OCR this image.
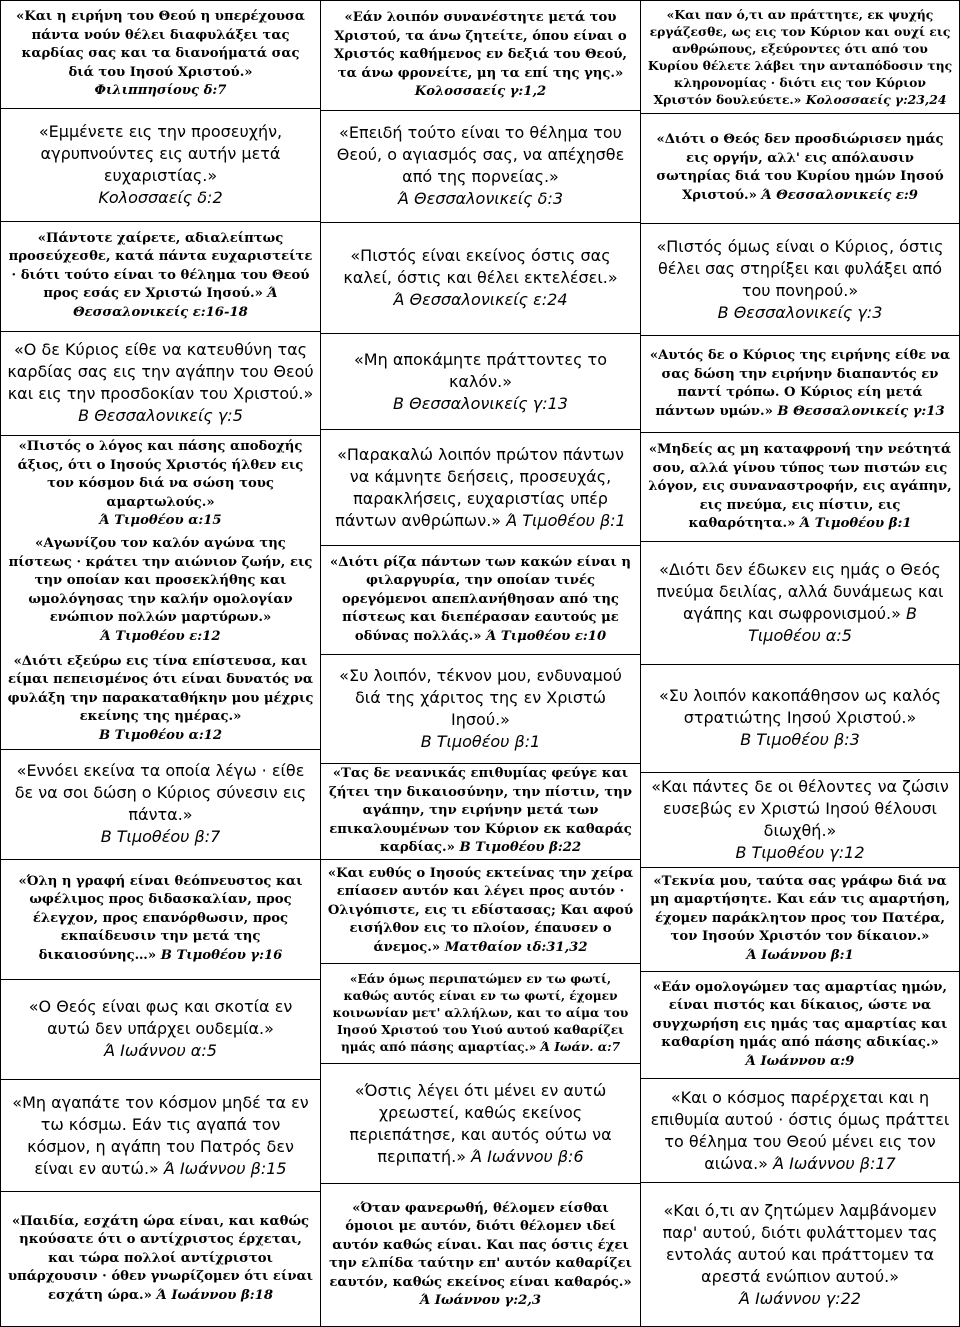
«Και η ειρήνη του Θεού η υπερέχουσα πάντα νούν θέλει διαφυλάξει τας καρδίας σας και τα διανοήματά σας διά του Ιησού Χριστού.»
Φιλιππησίους δ:7

«Εμμένετε εις την προσευχήν, αγρυπνούντες εις αυτήν μετά ευχαριστίας.»
Κολοσσαείς δ:2

«Πάντοτε χαίρετε, αδιαλείπτως προσεύχεσθε, κατά πάντα ευχαριστείτε · διότι τούτο είναι το θέλημα του Θεού προς εσάς εν Χριστώ Ιησού.» Ά Θεσσαλονικείς ε:16-18

«Ο δε Κύριος είθε να κατευθύνη τας καρδίας σας εις την αγάπην του Θεού και εις την προσδοκίαν του Χριστού.» Β Θεσσαλονικείς γ:5

«Πιστός ο λόγος και πάσης αποδοχής άξιος, ότι ο Ιησούς Χριστός ήλθεν εις τον κόσμον διά να σώση τους αμαρτωλούς.»
Ά Τιμοθέου α:15

«Αγωνίζου τον καλόν αγώνα της πίστεως · κράτει την αιώνιον ζωήν, εις την οποίαν και προσεκλήθης και ωμολόγησας την καλήν ομολογίαν ενώπιον πολλών μαρτύρων.»
Ά Τιμοθέου ε:12

«Διότι εξεύρω εις τίνα επίστευσα, και είμαι πεπεισμένος ότι είναι δυνατός να φυλάξη την παρακαταθήκην μου μέχρις εκείνης της ημέρας.»
Β Τιμοθέου α:12

«Εννόει εκείνα τα οποία λέγω · είθε δε να σοι δώση ο Κύριος σύνεσιν εις πάντα.»
Β Τιμοθέου β:7

«Όλη η γραφή είναι θεόπνευστος και ωφέλιμος προς διδασκαλίαν, προς έλεγχον, προς επανόρθωσιν, προς εκπαίδευσιν την μετά της δικαιοσύνης…» Β Τιμοθέου γ:16

«Ο Θεός είναι φως και σκοτία εν αυτώ δεν υπάρχει ουδεμία.»
Ά Ιωάννου α:5

«Μη αγαπάτε τον κόσμον μηδέ τα εν τω κόσμω. Εάν τις αγαπά τον κόσμον, η αγάπη του Πατρός δεν είναι εν αυτώ.» Ά Ιωάννου β:15

«Παιδία, εσχάτη ώρα είναι, και καθώς ηκούσατε ότι ο αντίχριστος έρχεται, και τώρα πολλοί αντίχριστοι υπάρχουσιν · όθεν γνωρίζομεν ότι είναι εσχάτη ώρα.» Ά Ιωάννου β:18

«Εάν λοιπόν συνανέστητε μετά του Χριστού, τα άνω ζητείτε, όπου είναι ο Χριστός καθήμενος εν δεξιά του Θεού, τα άνω φρονείτε, μη τα επί της γης.»
Κολοσσαείς γ:1,2

«Επειδή τούτο είναι το θέλημα του Θεού, ο αγιασμός σας, να απέχησθε από της πορνείας.»
Ά Θεσσαλονικείς δ:3

«Πιστός είναι εκείνος όστις σας καλεί, όστις και θέλει εκτελέσει.»
Ά Θεσσαλονικείς ε:24

«Μη αποκάμητε πράττοντες το καλόν.»
Β Θεσσαλονικείς γ:13

«Παρακαλώ λοιπόν πρώτον πάντων να κάμνητε δεήσεις, προσευχάς, παρακλήσεις, ευχαριστίας υπέρ πάντων ανθρώπων.» Ά Τιμοθέου β:1

«Διότι ρίζα πάντων των κακών είναι η φιλαργυρία, την οποίαν τινές ορεγόμενοι απεπλανήθησαν από της πίστεως και διεπέρασαν εαυτούς με οδύνας πολλάς.» Ά Τιμοθέου ε:10

«Συ λοιπόν, τέκνον μου, ενδυναμού διά της χάριτος της εν Χριστώ Ιησού.»
Β Τιμοθέου β:1

«Τας δε νεανικάς επιθυμίας φεύγε και ζήτει την δικαιοσύνην, την πίστιν, την αγάπην, την ειρήνην μετά των επικαλουμένων τον Κύριον εκ καθαράς καρδίας.» Β Τιμοθέου β:22

«Και ευθύς ο Ιησούς εκτείνας την χείρα επίασεν αυτόν και λέγει προς αυτόν · Ολιγόπιστε, εις τι εδίστασας; Και αφού εισήλθον εις το πλοίον, έπαυσεν ο άνεμος.» Ματθαίον ιδ:31,32

«Εάν όμως περιπατώμεν εν τω φωτί, καθώς αυτός είναι εν τω φωτί, έχομεν κοινωνίαν μετ' αλλήλων, και το αίμα του Ιησού Χριστού του Υιού αυτού καθαρίζει ημάς από πάσης αμαρτίας.» Ά Ιωάν. α:7

«Όστις λέγει ότι μένει εν αυτώ χρεωστεί, καθώς εκείνος περιεπάτησε, και αυτός ούτω να περιπατή.» Ά Ιωάννου β:6

«Όταν φανερωθή, θέλομεν είσθαι όμοιοι με αυτόν, διότι θέλομεν ιδεί αυτόν καθώς είναι. Και πας όστις έχει την ελπίδα ταύτην επ' αυτόν καθαρίζει εαυτόν, καθώς εκείνος είναι καθαρός.»
Ά Ιωάννου γ:2,3

«Και παν ό,τι αν πράττητε, εκ ψυχής εργάζεσθε, ως εις τον Κύριον και ουχί εις ανθρώπους, εξεύροντες ότι από του Κυρίου θέλετε λάβει την ανταπόδοσιν της κληρονομίας · διότι εις τον Κύριον Χριστόν δουλεύετε.» Κολοσσαείς γ:23,24

«Διότι ο Θεός δεν προσδιώρισεν ημάς εις οργήν, αλλ' εις απόλαυσιν σωτηρίας διά του Κυρίου ημών Ιησού Χριστού.» Ά Θεσσαλονικείς ε:9

«Πιστός όμως είναι ο Κύριος, όστις θέλει σας στηρίξει και φυλάξει από του πονηρού.»
Β Θεσσαλονικείς γ:3

«Αυτός δε ο Κύριος της ειρήνης είθε να σας δώση την ειρήνην διαπαντός εν παντί τρόπω. Ο Κύριος είη μετά πάντων υμών.» Β Θεσσαλονικείς γ:13

«Μηδείς ας μη καταφρονή την νεότητά σου, αλλά γίνου τύπος των πιστών εις λόγον, εις συναναστροφήν, εις αγάπην, εις πνεύμα, εις πίστιν, εις καθαρότητα.» Ά Τιμοθέου β:1

«Διότι δεν έδωκεν εις ημάς ο Θεός πνεύμα δειλίας, αλλά δυνάμεως και αγάπης και σωφρονισμού.» Β Τιμοθέου α:5

«Συ λοιπόν κακοπάθησον ως καλός στρατιώτης Ιησού Χριστού.»
Β Τιμοθέου β:3

«Και πάντες δε οι θέλοντες να ζώσιν ευσεβώς εν Χριστώ Ιησού θέλουσι διωχθή.»
Β Τιμοθέου γ:12

«Τεκνία μου, ταύτα σας γράφω διά να μη αμαρτήσητε. Και εάν τις αμαρτήση, έχομεν παράκλητον προς τον Πατέρα, τον Ιησούν Χριστόν τον δίκαιον.»
Ά Ιωάννου β:1

«Εάν ομολογώμεν τας αμαρτίας ημών, είναι πιστός και δίκαιος, ώστε να συγχωρήση εις ημάς τας αμαρτίας και καθαρίση ημάς από πάσης αδικίας.»
Ά Ιωάννου α:9

«Και ο κόσμος παρέρχεται και η επιθυμία αυτού · όστις όμως πράττει το θέλημα του Θεού μένει εις τον αιώνα.» Ά Ιωάννου β:17

«Και ό,τι αν ζητώμεν λαμβάνομεν παρ' αυτού, διότι φυλάττομεν τας εντολάς αυτού και πράττομεν τα αρεστά ενώπιον αυτού.»
Ά Ιωάννου γ:22
